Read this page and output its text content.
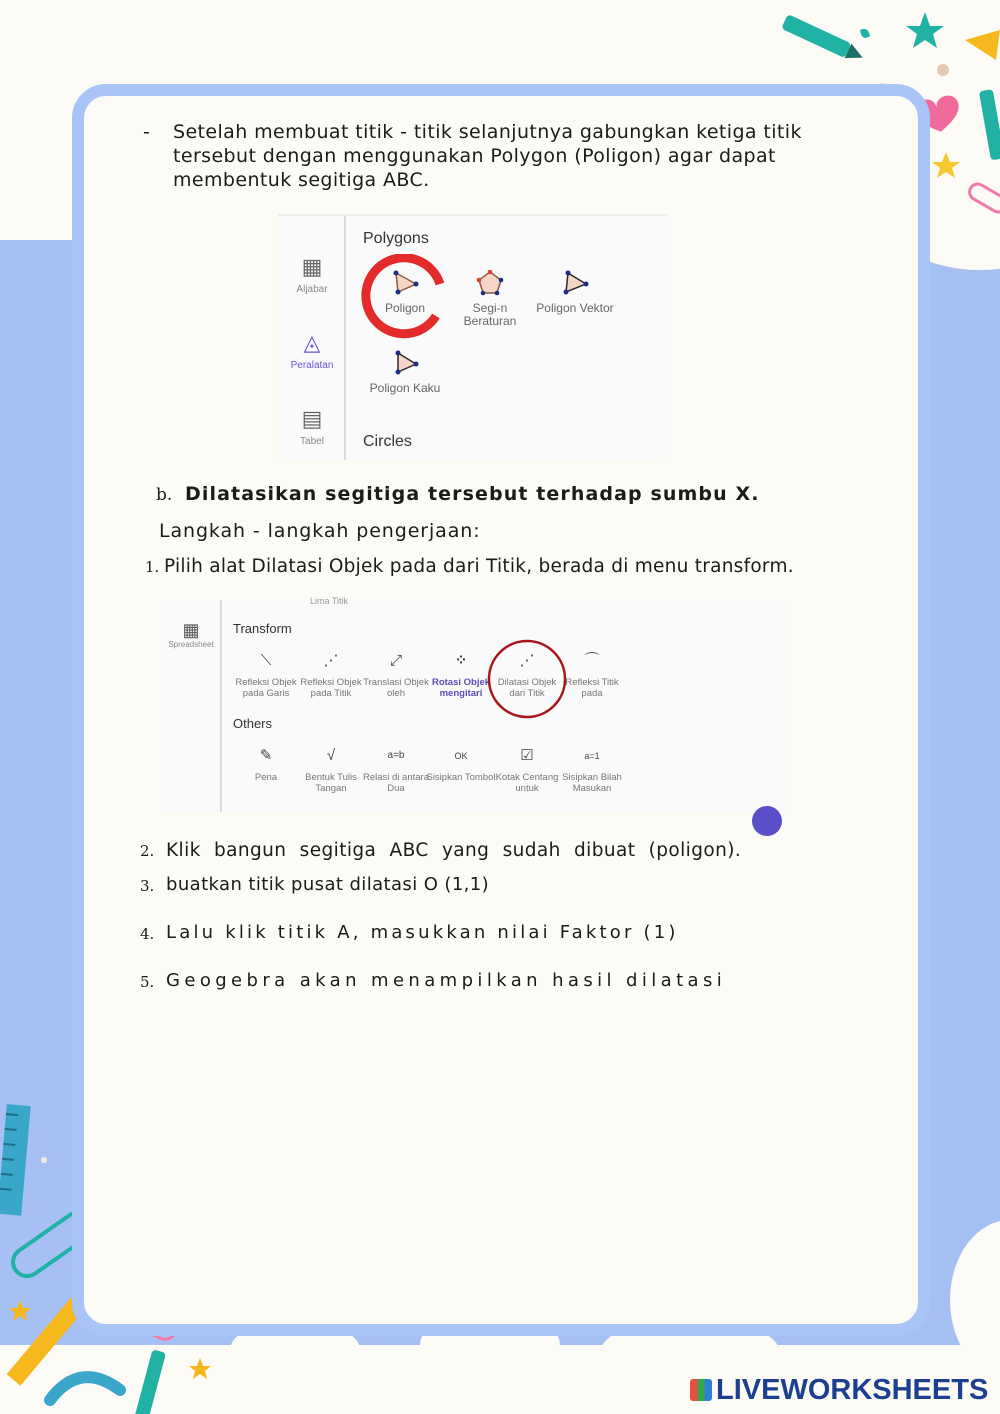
- Setelah membuat titik - titik selanjutnya gabungkan ketiga titik
tersebut dengan menggunakan Polygon (Poligon) agar dapat
membentuk segitiga ABC.
▦
Aljabar
◬
Peralatan
▤
Tabel
Polygons
Poligon	Segi-n Beraturan
Poligon Vektor
Poligon Kaku
Circles
b. Dilatasikan segitiga tersebut terhadap sumbu X.
Langkah - langkah pengerjaan:
1. Pilih alat Dilatasi Objek pada dari Titik, berada di menu transform.
Lima Titik
▦
Spreadsheet
Transform
⟍
Refleksi Objek pada Garis
⋰
Refleksi Objek pada Titik
⤢
Translasi Objek oleh
⁘
Rotasi Objek mengitari
⋰
Dilatasi Objek dari Titik
⌒
Refleksi Titik pada
Others
✎
Pena
√
Bentuk Tulis Tangan
a=b
Relasi di antara Dua
OK
Sisipkan Tombol
☑
Kotak Centang untuk
a=1
Sisipkan Bilah Masukan
2. Klik bangun segitiga ABC yang sudah dibuat (poligon).
3. buatkan titik pusat dilatasi O (1,1)
4. Lalu klik titik A, masukkan nilai Faktor (1)
5. Geogebra akan menampilkan hasil dilatasi
LIVEWORKSHEETS
